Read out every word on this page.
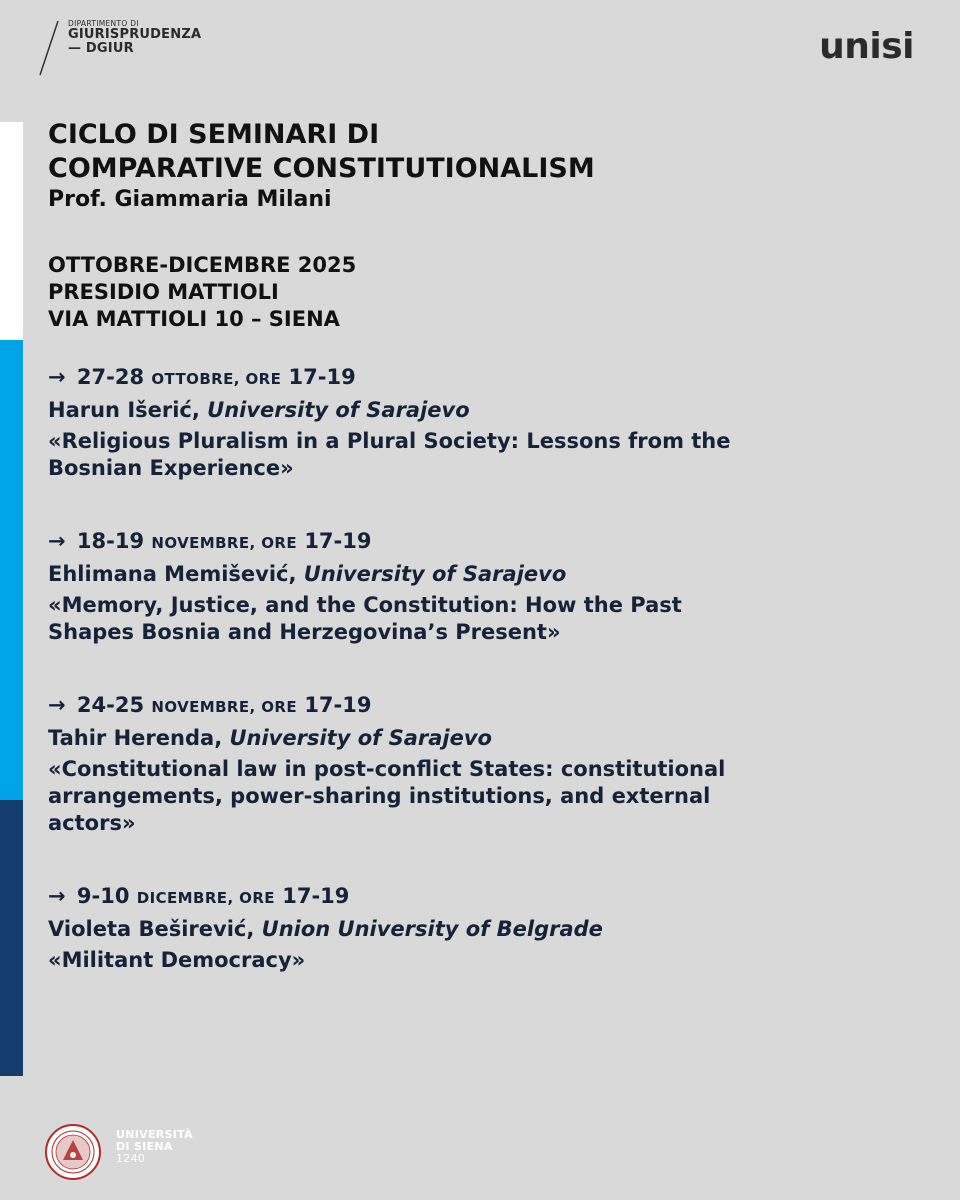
DIPARTIMENTO DI
GIURISPRUDENZA
— DGIUR	unisi
CICLO DI SEMINARI DI
COMPARATIVE CONSTITUTIONALISM
Prof. Giammaria Milani
OTTOBRE-DICEMBRE 2025
PRESIDIO MATTIOLI
VIA MATTIOLI 10 – SIENA
→ 27-28 OTTOBRE, ORE 17-19
Harun Išerić, University of Sarajevo
«Religious Pluralism in a Plural Society: Lessons from the
Bosnian Experience»
→ 18-19 NOVEMBRE, ORE 17-19
Ehlimana Memišević, University of Sarajevo
«Memory, Justice, and the Constitution: How the Past
Shapes Bosnia and Herzegovina’s Present»
→ 24-25 NOVEMBRE, ORE 17-19
Tahir Herenda, University of Sarajevo
«Constitutional law in post-conflict States: constitutional
arrangements, power-sharing institutions, and external
actors»
→ 9-10 DICEMBRE, ORE 17-19
Violeta Beširević, Union University of Belgrade
«Militant Democracy»
UNIVERSITÀ
DI SIENA
1240
